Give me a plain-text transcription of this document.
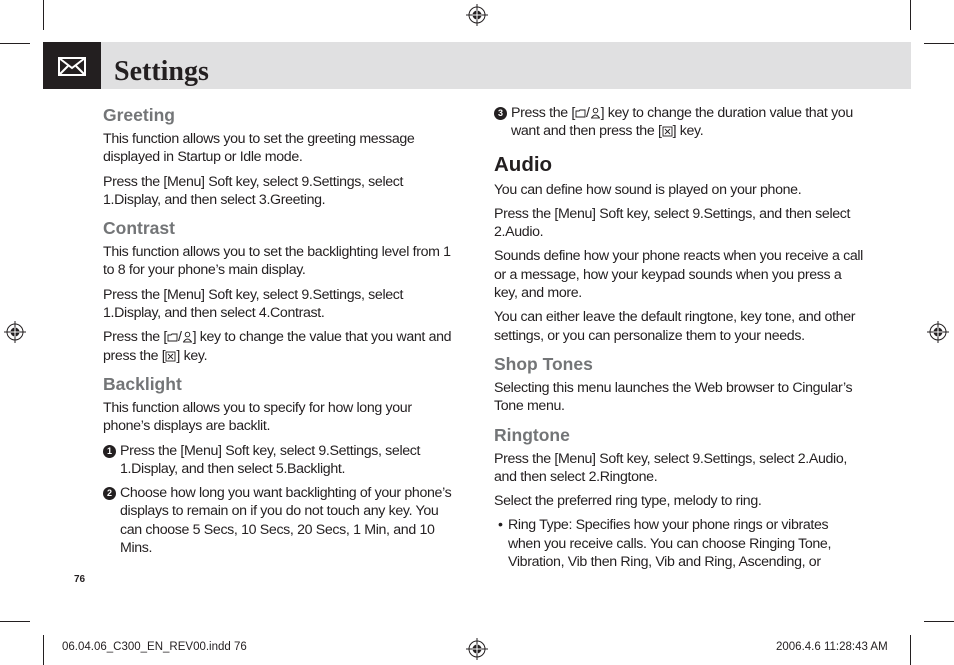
Settings
Greeting

This function allows you to set the greeting message displayed in Startup or Idle mode.

Press the [Menu] Soft key, select 9.Settings, select 1.Display, and then select 3.Greeting.

Contrast

This function allows you to set the backlighting level from 1 to 8 for your phone’s main display.

Press the [Menu] Soft key, select 9.Settings, select 1.Display, and then select 4.Contrast.

Press the [ / ] key to change the value that you want and press the [ ] key.

Backlight

This function allows you to specify for how long your phone’s displays are backlit.

1 Press the [Menu] Soft key, select 9.Settings, select 1.Display, and then select 5.Backlight.
2 Choose how long you want backlighting of your phone’s displays to remain on if you do not touch any key. You can choose 5 Secs, 10 Secs, 20 Secs, 1 Min, and 10 Mins.
3 Press the [ / ] key to change the duration value that you want and then press the [ ] key.
Audio

You can define how sound is played on your phone.

Press the [Menu] Soft key, select 9.Settings, and then select 2.Audio.

Sounds define how your phone reacts when you receive a call or a message, how your keypad sounds when you press a key, and more.

You can either leave the default ringtone, key tone, and other settings, or you can personalize them to your needs.

Shop Tones

Selecting this menu launches the Web browser to Cingular’s Tone menu.

Ringtone

Press the [Menu] Soft key, select 9.Settings, select 2.Audio, and then select 2.Ringtone.

Select the preferred ring type, melody to ring.

• Ring Type: Specifies how your phone rings or vibrates when you receive calls. You can choose Ringing Tone, Vibration, Vib then Ring, Vib and Ring, Ascending, or
76
06.04.06_C300_EN_REV00.indd 76	2006.4.6 11:28:43 AM
